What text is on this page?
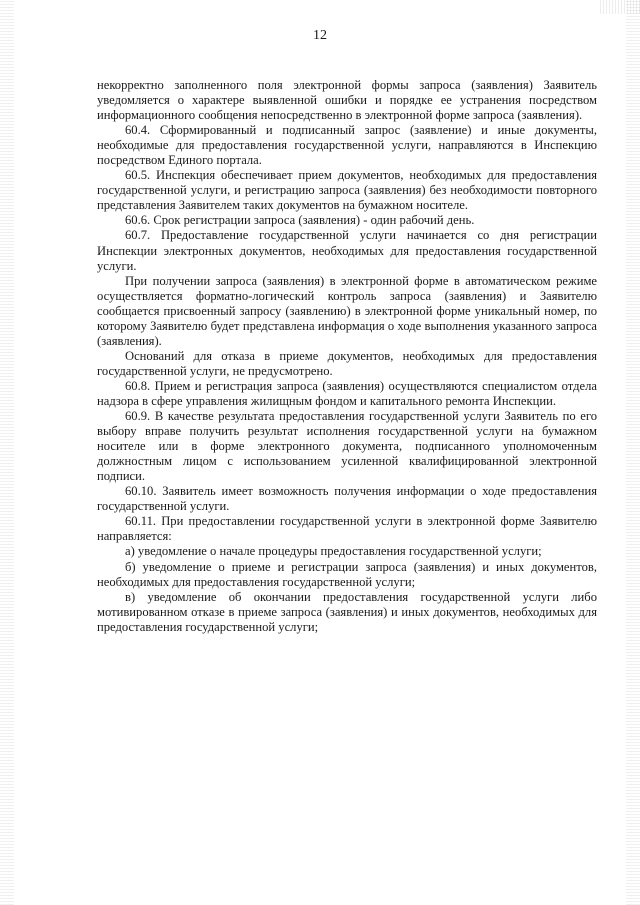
12

некорректно заполненного поля электронной формы запроса (заявления) Заявитель уведомляется о характере выявленной ошибки и порядке ее устранения посредством информационного сообщения непосредственно в электронной форме запроса (заявления).

60.4. Сформированный и подписанный запрос (заявление) и иные документы, необходимые для предоставления государственной услуги, направляются в Инспекцию посредством Единого портала.

60.5. Инспекция обеспечивает прием документов, необходимых для предоставления государственной услуги, и регистрацию запроса (заявления) без необходимости повторного представления Заявителем таких документов на бумажном носителе.

60.6. Срок регистрации запроса (заявления) - один рабочий день.

60.7. Предоставление государственной услуги начинается со дня регистрации Инспекции электронных документов, необходимых для предоставления государственной услуги.

При получении запроса (заявления) в электронной форме в автоматическом режиме осуществляется форматно-логический контроль запроса (заявления) и Заявителю сообщается присвоенный запросу (заявлению) в электронной форме уникальный номер, по которому Заявителю будет представлена информация о ходе выполнения указанного запроса (заявления).

Оснований для отказа в приеме документов, необходимых для предоставления государственной услуги, не предусмотрено.

60.8. Прием и регистрация запроса (заявления) осуществляются специалистом отдела надзора в сфере управления жилищным фондом и капитального ремонта Инспекции.

60.9. В качестве результата предоставления государственной услуги Заявитель по его выбору вправе получить результат исполнения государственной услуги на бумажном носителе или в форме электронного документа, подписанного уполномоченным должностным лицом с использованием усиленной квалифицированной электронной подписи.

60.10. Заявитель имеет возможность получения информации о ходе предоставления государственной услуги.

60.11. При предоставлении государственной услуги в электронной форме Заявителю направляется:

а) уведомление о начале процедуры предоставления государственной услуги;

б) уведомление о приеме и регистрации запроса (заявления) и иных документов, необходимых для предоставления государственной услуги;

в) уведомление об окончании предоставления государственной услуги либо мотивированном отказе в приеме запроса (заявления) и иных документов, необходимых для предоставления государственной услуги;
